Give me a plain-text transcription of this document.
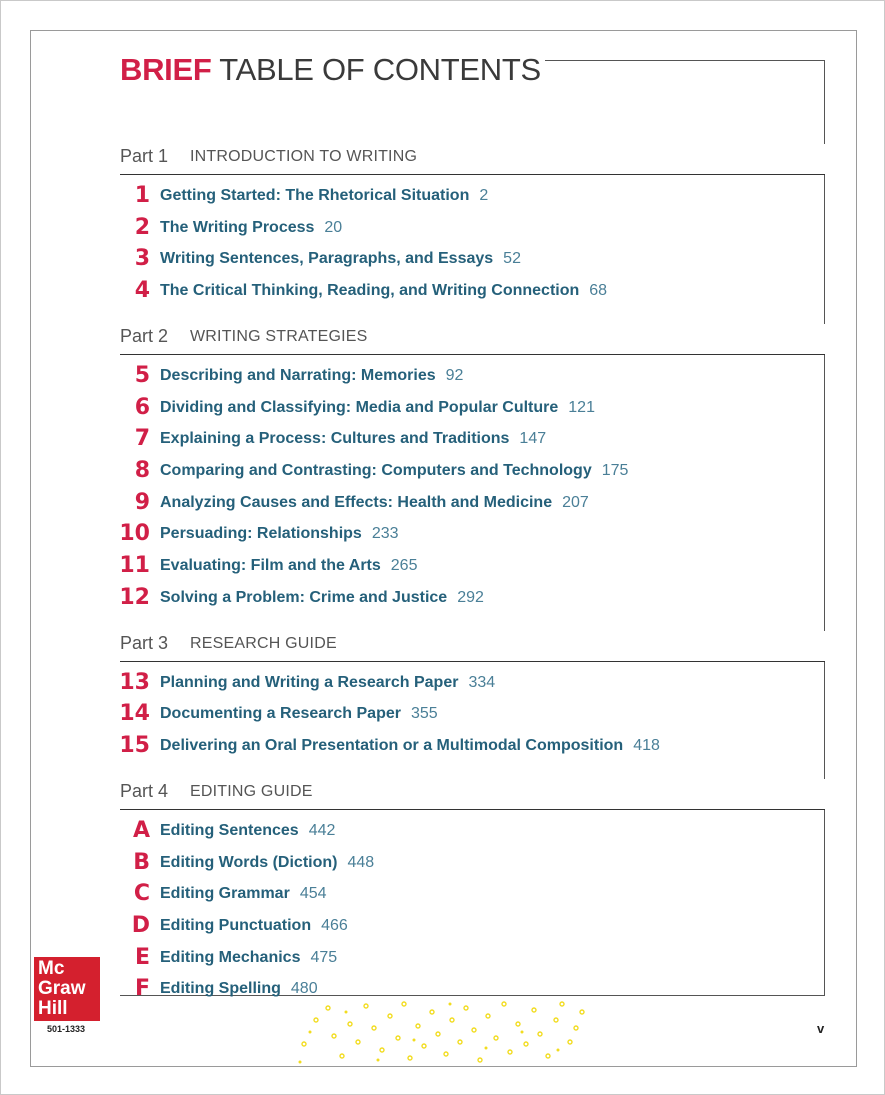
BRIEF TABLE OF CONTENTS
Part 1 INTRODUCTION TO WRITING
1 Getting Started: The Rhetorical Situation 2
2 The Writing Process 20
3 Writing Sentences, Paragraphs, and Essays 52
4 The Critical Thinking, Reading, and Writing Connection 68
Part 2 WRITING STRATEGIES
5 Describing and Narrating: Memories 92
6 Dividing and Classifying: Media and Popular Culture 121
7 Explaining a Process: Cultures and Traditions 147
8 Comparing and Contrasting: Computers and Technology 175
9 Analyzing Causes and Effects: Health and Medicine 207
10 Persuading: Relationships 233
11 Evaluating: Film and the Arts 265
12 Solving a Problem: Crime and Justice 292
Part 3 RESEARCH GUIDE
13 Planning and Writing a Research Paper 334
14 Documenting a Research Paper 355
15 Delivering an Oral Presentation or a Multimodal Composition 418
Part 4 EDITING GUIDE
A Editing Sentences 442
B Editing Words (Diction) 448
C Editing Grammar 454
D Editing Punctuation 466
E Editing Mechanics 475
F Editing Spelling 480
Mc
Graw
Hill
501-1333	v
